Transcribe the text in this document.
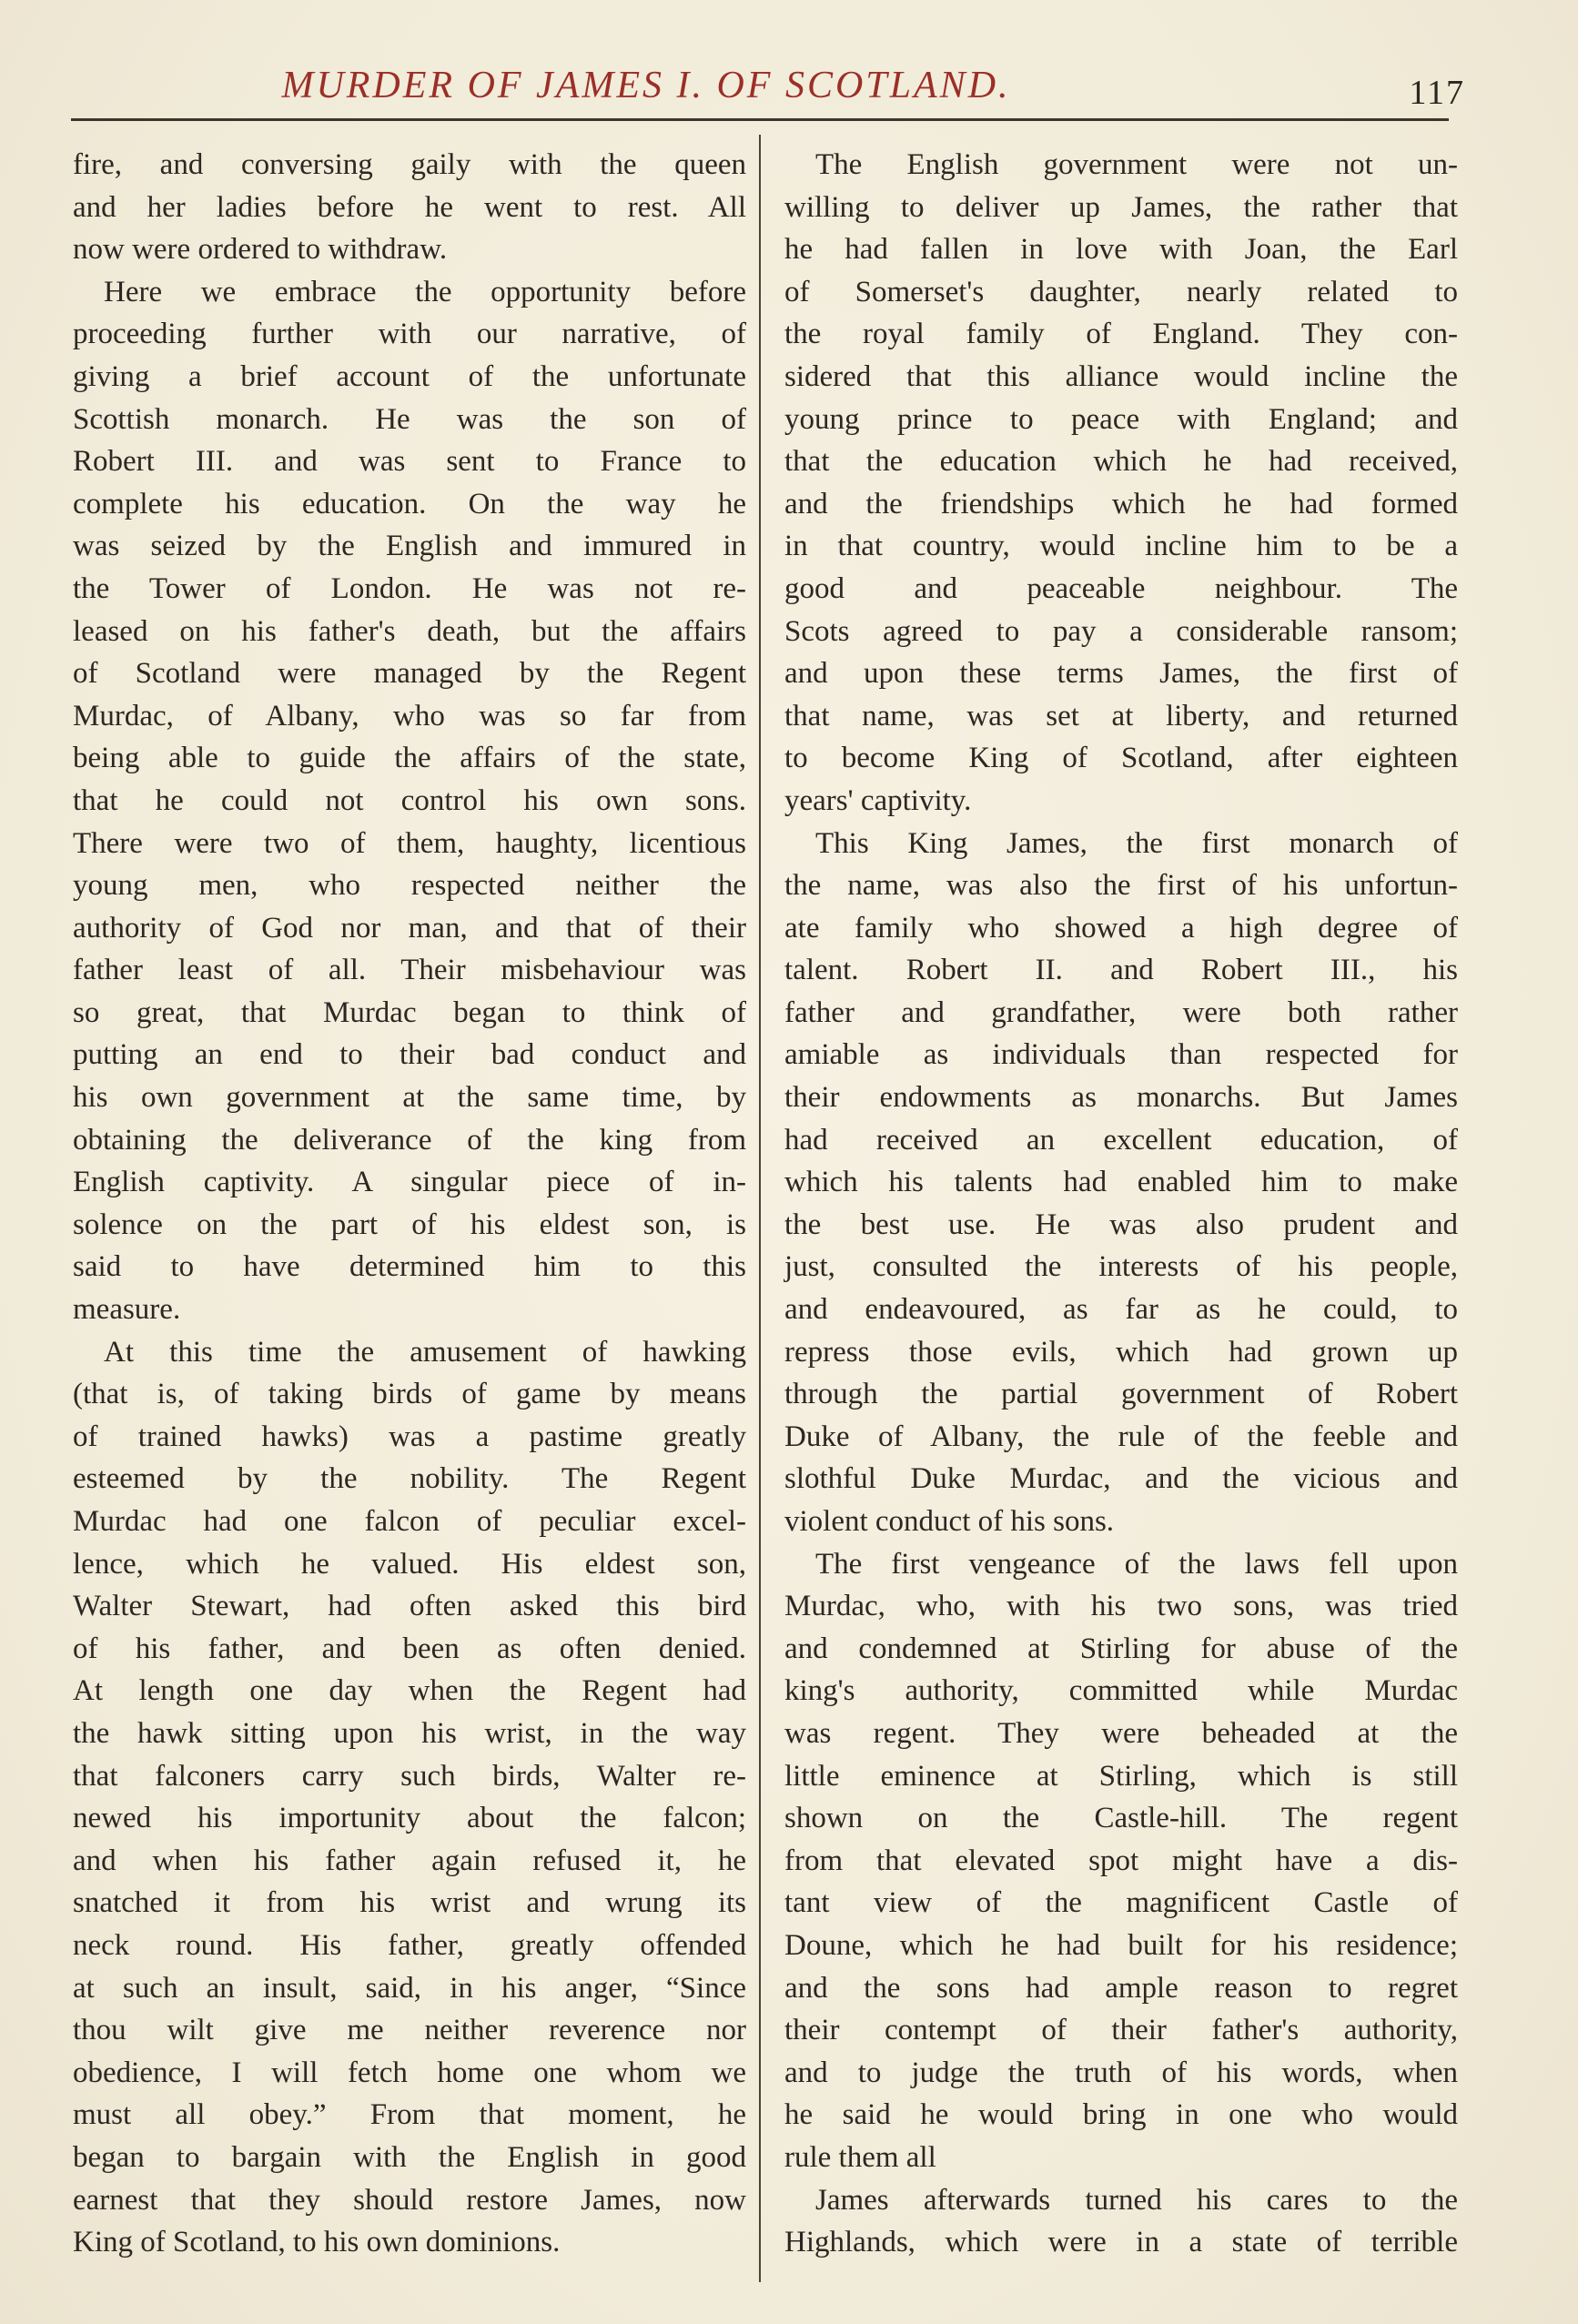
MURDER OF JAMES I. OF SCOTLAND.	117
fire, and conversing gaily with the queen
and her ladies before he went to rest. All
now were ordered to withdraw.
Here we embrace the opportunity before
proceeding further with our narrative, of
giving a brief account of the unfortunate
Scottish monarch. He was the son of
Robert III. and was sent to France to
complete his education. On the way he
was seized by the English and immured in
the Tower of London. He was not re-
leased on his father's death, but the affairs
of Scotland were managed by the Regent
Murdac, of Albany, who was so far from
being able to guide the affairs of the state,
that he could not control his own sons.
There were two of them, haughty, licentious
young men, who respected neither the
authority of God nor man, and that of their
father least of all. Their misbehaviour was
so great, that Murdac began to think of
putting an end to their bad conduct and
his own government at the same time, by
obtaining the deliverance of the king from
English captivity. A singular piece of in-
solence on the part of his eldest son, is
said to have determined him to this
measure.
At this time the amusement of hawking
(that is, of taking birds of game by means
of trained hawks) was a pastime greatly
esteemed by the nobility. The Regent
Murdac had one falcon of peculiar excel-
lence, which he valued. His eldest son,
Walter Stewart, had often asked this bird
of his father, and been as often denied.
At length one day when the Regent had
the hawk sitting upon his wrist, in the way
that falconers carry such birds, Walter re-
newed his importunity about the falcon;
and when his father again refused it, he
snatched it from his wrist and wrung its
neck round. His father, greatly offended
at such an insult, said, in his anger, “Since
thou wilt give me neither reverence nor
obedience, I will fetch home one whom we
must all obey.” From that moment, he
began to bargain with the English in good
earnest that they should restore James, now
King of Scotland, to his own dominions.
The English government were not un-
willing to deliver up James, the rather that
he had fallen in love with Joan, the Earl
of Somerset's daughter, nearly related to
the royal family of England. They con-
sidered that this alliance would incline the
young prince to peace with England; and
that the education which he had received,
and the friendships which he had formed
in that country, would incline him to be a
good and peaceable neighbour. The
Scots agreed to pay a considerable ransom;
and upon these terms James, the first of
that name, was set at liberty, and returned
to become King of Scotland, after eighteen
years' captivity.
This King James, the first monarch of
the name, was also the first of his unfortun-
ate family who showed a high degree of
talent. Robert II. and Robert III., his
father and grandfather, were both rather
amiable as individuals than respected for
their endowments as monarchs. But James
had received an excellent education, of
which his talents had enabled him to make
the best use. He was also prudent and
just, consulted the interests of his people,
and endeavoured, as far as he could, to
repress those evils, which had grown up
through the partial government of Robert
Duke of Albany, the rule of the feeble and
slothful Duke Murdac, and the vicious and
violent conduct of his sons.
The first vengeance of the laws fell upon
Murdac, who, with his two sons, was tried
and condemned at Stirling for abuse of the
king's authority, committed while Murdac
was regent. They were beheaded at the
little eminence at Stirling, which is still
shown on the Castle-hill. The regent
from that elevated spot might have a dis-
tant view of the magnificent Castle of
Doune, which he had built for his residence;
and the sons had ample reason to regret
their contempt of their father's authority,
and to judge the truth of his words, when
he said he would bring in one who would
rule them all
James afterwards turned his cares to the
Highlands, which were in a state of terrible
